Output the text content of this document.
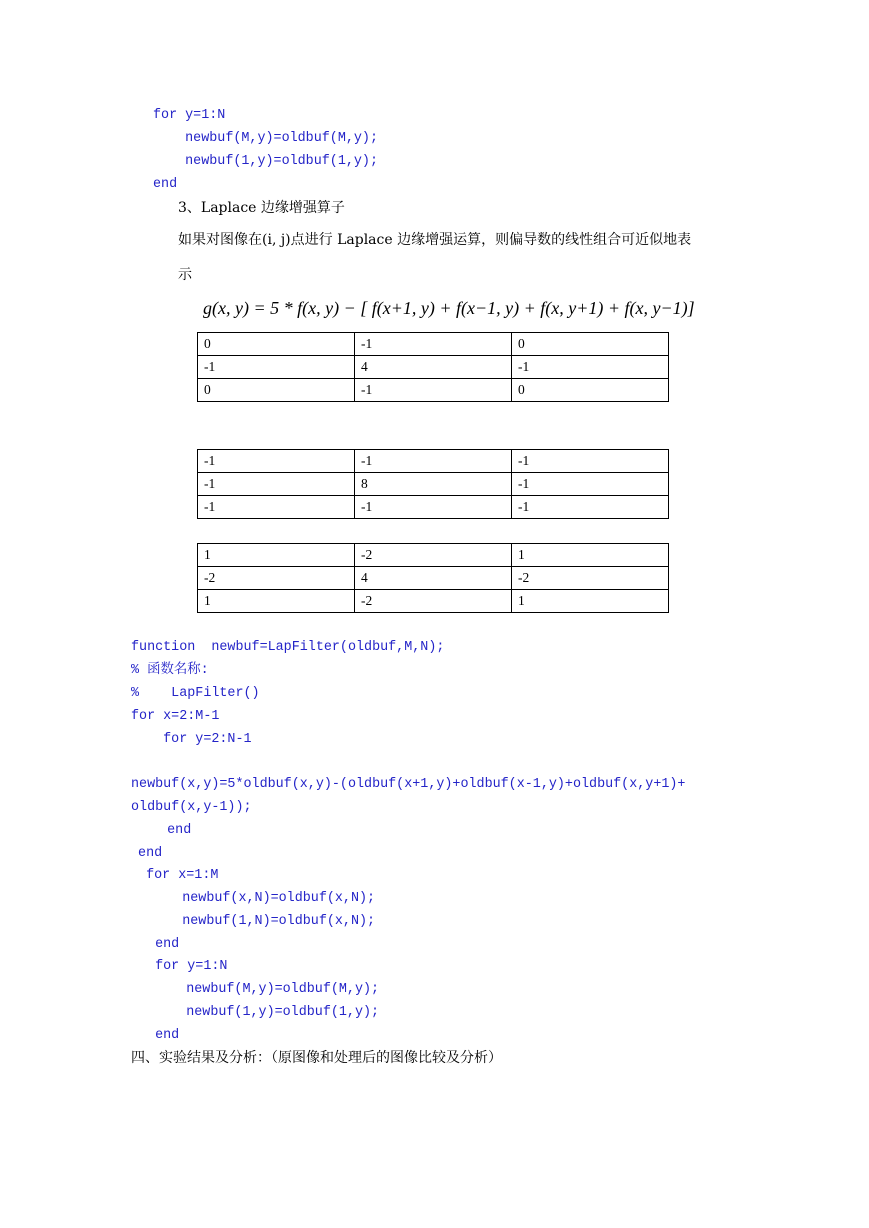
for y=1:N
newbuf(M,y)=oldbuf(M,y);
newbuf(1,y)=oldbuf(1,y);
end
3、Laplace 边缘增强算子
如果对图像在(i, j)点进行 Laplace 边缘增强运算，则偏导数的线性组合可近似地表
示
g(x, y) = 5 * f(x, y) − [ f(x+1, y) + f(x−1, y) + f(x, y+1) + f(x, y−1)]
0	-1	0
-1	4	-1
0	-1	0
-1	-1	-1
-1	8	-1
-1	-1	-1
1	-2	1
-2	4	-2
1	-2	1
function  newbuf=LapFilter(oldbuf,M,N);
% 函数名称:
%    LapFilter()
for x=2:M-1
for y=2:N-1
newbuf(x,y)=5*oldbuf(x,y)-(oldbuf(x+1,y)+oldbuf(x-1,y)+oldbuf(x,y+1)+
oldbuf(x,y-1));
end
end
for x=1:M
newbuf(x,N)=oldbuf(x,N);
newbuf(1,N)=oldbuf(x,N);
end
for y=1:N
newbuf(M,y)=oldbuf(M,y);
newbuf(1,y)=oldbuf(1,y);
end
四、实验结果及分析：（原图像和处理后的图像比较及分析）
